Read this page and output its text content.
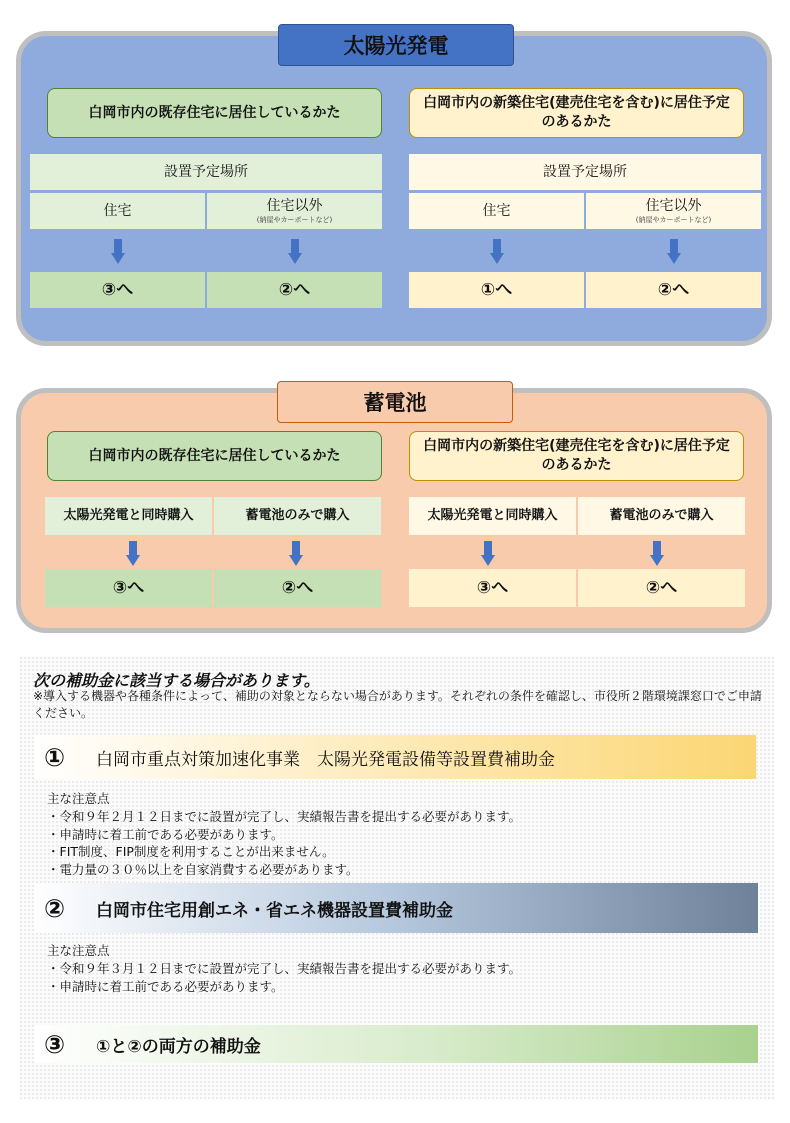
太陽光発電
白岡市内の既存住宅に居住しているかた
白岡市内の新築住宅(建売住宅を含む)に居住予定のあるかた
設置予定場所
住宅	住宅以外
(納屋やカーポートなど)
③へ	②へ
設置予定場所
住宅	住宅以外
(納屋やカーポートなど)
①へ	②へ
蓄電池
白岡市内の既存住宅に居住しているかた
白岡市内の新築住宅(建売住宅を含む)に居住予定のあるかた
太陽光発電と同時購入	蓄電池のみで購入
③へ	②へ
太陽光発電と同時購入	蓄電池のみで購入
③へ	②へ
次の補助金に該当する場合があります。
※導入する機器や各種条件によって、補助の対象とならない場合があります。それぞれの条件を確認し、市役所２階環境課窓口でご申請ください。
①	白岡市重点対策加速化事業　太陽光発電設備等設置費補助金
主な注意点
・令和９年２月１２日までに設置が完了し、実績報告書を提出する必要があります。
・申請時に着工前である必要があります。
・FIT制度、FIP制度を利用することが出来ません。
・電力量の３０％以上を自家消費する必要があります。
②	白岡市住宅用創エネ・省エネ機器設置費補助金
主な注意点
・令和９年３月１２日までに設置が完了し、実績報告書を提出する必要があります。
・申請時に着工前である必要があります。
③	①と②の両方の補助金
